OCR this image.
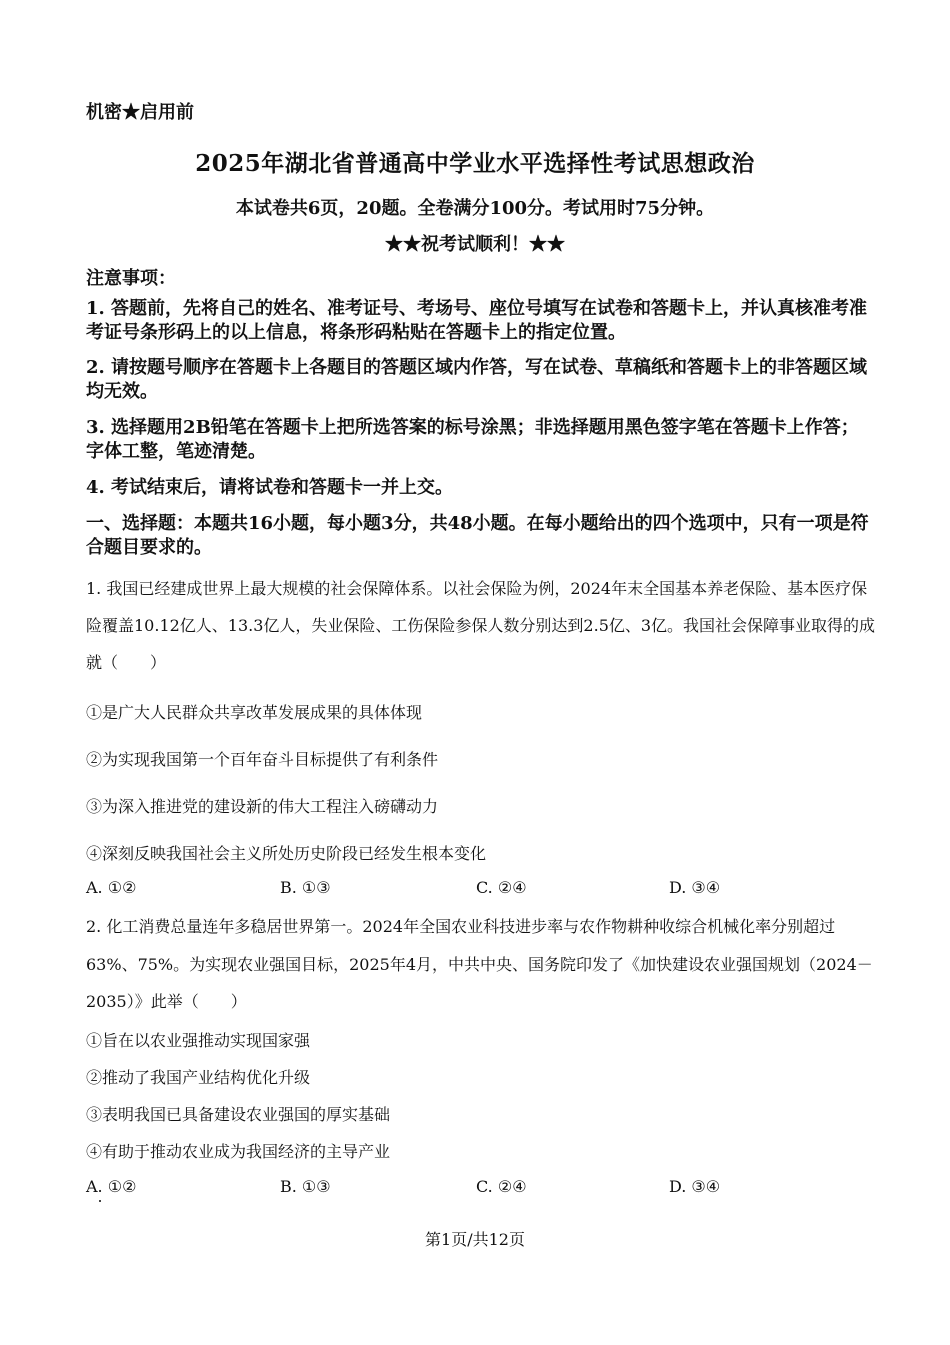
机密★启用前
2025年湖北省普通高中学业水平选择性考试思想政治
本试卷共6页，20题。全卷满分100分。考试用时75分钟。
★★祝考试顺利！★★
注意事项：
1. 答题前，先将自己的姓名、准考证号、考场号、座位号填写在试卷和答题卡上，并认真核准考准考证号条形码上的以上信息，将条形码粘贴在答题卡上的指定位置。
2. 请按题号顺序在答题卡上各题目的答题区域内作答，写在试卷、草稿纸和答题卡上的非答题区域均无效。
3. 选择题用2B铅笔在答题卡上把所选答案的标号涂黑；非选择题用黑色签字笔在答题卡上作答；字体工整，笔迹清楚。
4. 考试结束后，请将试卷和答题卡一并上交。
一、选择题：本题共16小题，每小题3分，共48小题。在每小题给出的四个选项中，只有一项是符合题目要求的。
1. 我国已经建成世界上最大规模的社会保障体系。以社会保险为例，2024年末全国基本养老保险、基本医疗保险覆盖10.12亿人、13.3亿人，失业保险、工伤保险参保人数分别达到2.5亿、3亿。我国社会保障事业取得的成就（　　）
①是广大人民群众共享改革发展成果的具体体现
②为实现我国第一个百年奋斗目标提供了有利条件
③为深入推进党的建设新的伟大工程注入磅礴动力
④深刻反映我国社会主义所处历史阶段已经发生根本变化
A. ①②	B. ①③	C. ②④	D. ③④
2. 化工消费总量连年多稳居世界第一。2024年全国农业科技进步率与农作物耕种收综合机械化率分别超过63%、75%。为实现农业强国目标，2025年4月，中共中央、国务院印发了《加快建设农业强国规划（2024－2035）》此举（　　）
①旨在以农业强推动实现国家强
②推动了我国产业结构优化升级
③表明我国已具备建设农业强国的厚实基础
④有助于推动农业成为我国经济的主导产业
A. ①②	B. ①③	C. ②④	D. ③④
第1页/共12页
